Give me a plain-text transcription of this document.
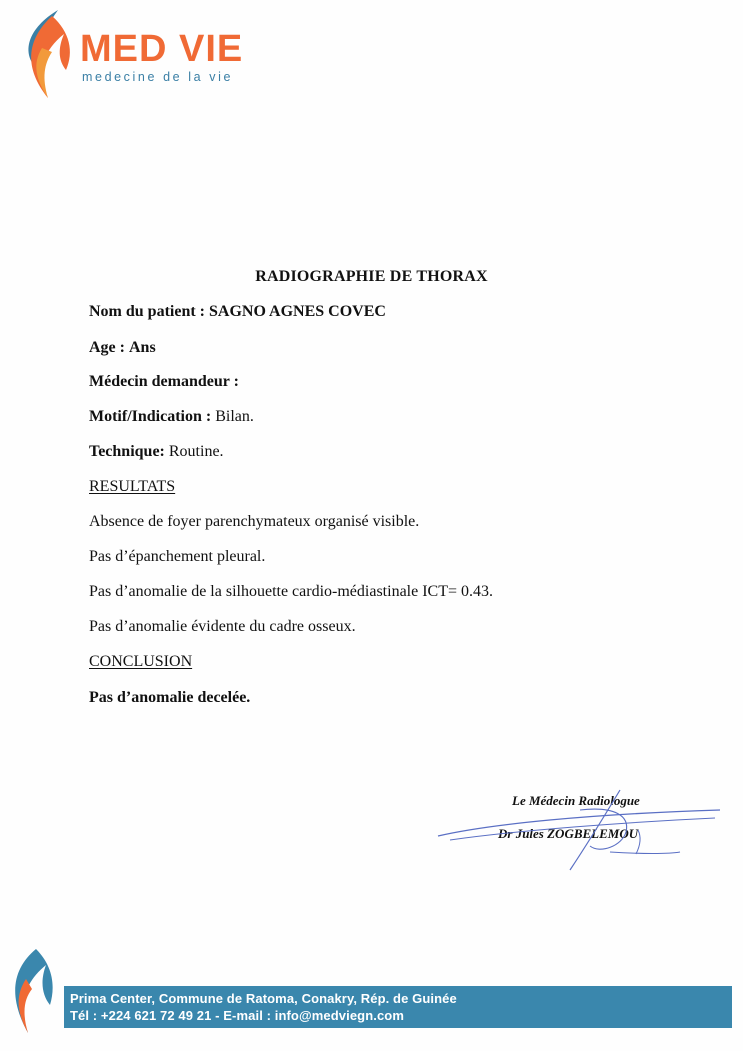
MED VIE
medecine de la vie
RADIOGRAPHIE DE THORAX
Nom du patient : SAGNO AGNES COVEC
Age : Ans
Médecin demandeur :
Motif/Indication : Bilan.
Technique: Routine.
RESULTATS
Absence de foyer parenchymateux organisé visible.
Pas d’épanchement pleural.
Pas d’anomalie de la silhouette cardio-médiastinale ICT= 0.43.
Pas d’anomalie évidente du cadre osseux.
CONCLUSION
Pas d’anomalie decelée.
Le Médecin Radiologue
Dr Jules ZOGBELEMOU
Prima Center, Commune de Ratoma, Conakry, Rép. de Guinée
Tél : +224 621 72 49 21 - E-mail : info@medviegn.com
